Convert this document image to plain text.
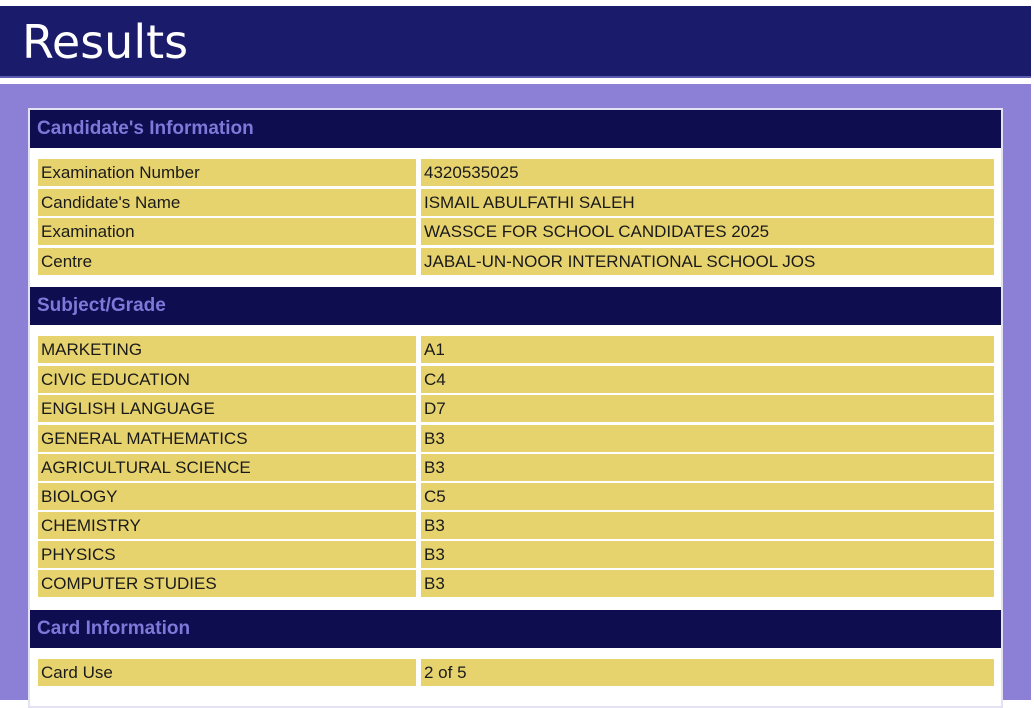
Results
Candidate's Information
Examination Number	4320535025
Candidate's Name	ISMAIL ABULFATHI SALEH
Examination	WASSCE FOR SCHOOL CANDIDATES 2025
Centre	JABAL-UN-NOOR INTERNATIONAL SCHOOL JOS
Subject/Grade
MARKETING	A1
CIVIC EDUCATION	C4
ENGLISH LANGUAGE	D7
GENERAL MATHEMATICS	B3
AGRICULTURAL SCIENCE	B3
BIOLOGY	C5
CHEMISTRY	B3
PHYSICS	B3
COMPUTER STUDIES	B3
Card Information
Card Use	2 of 5
